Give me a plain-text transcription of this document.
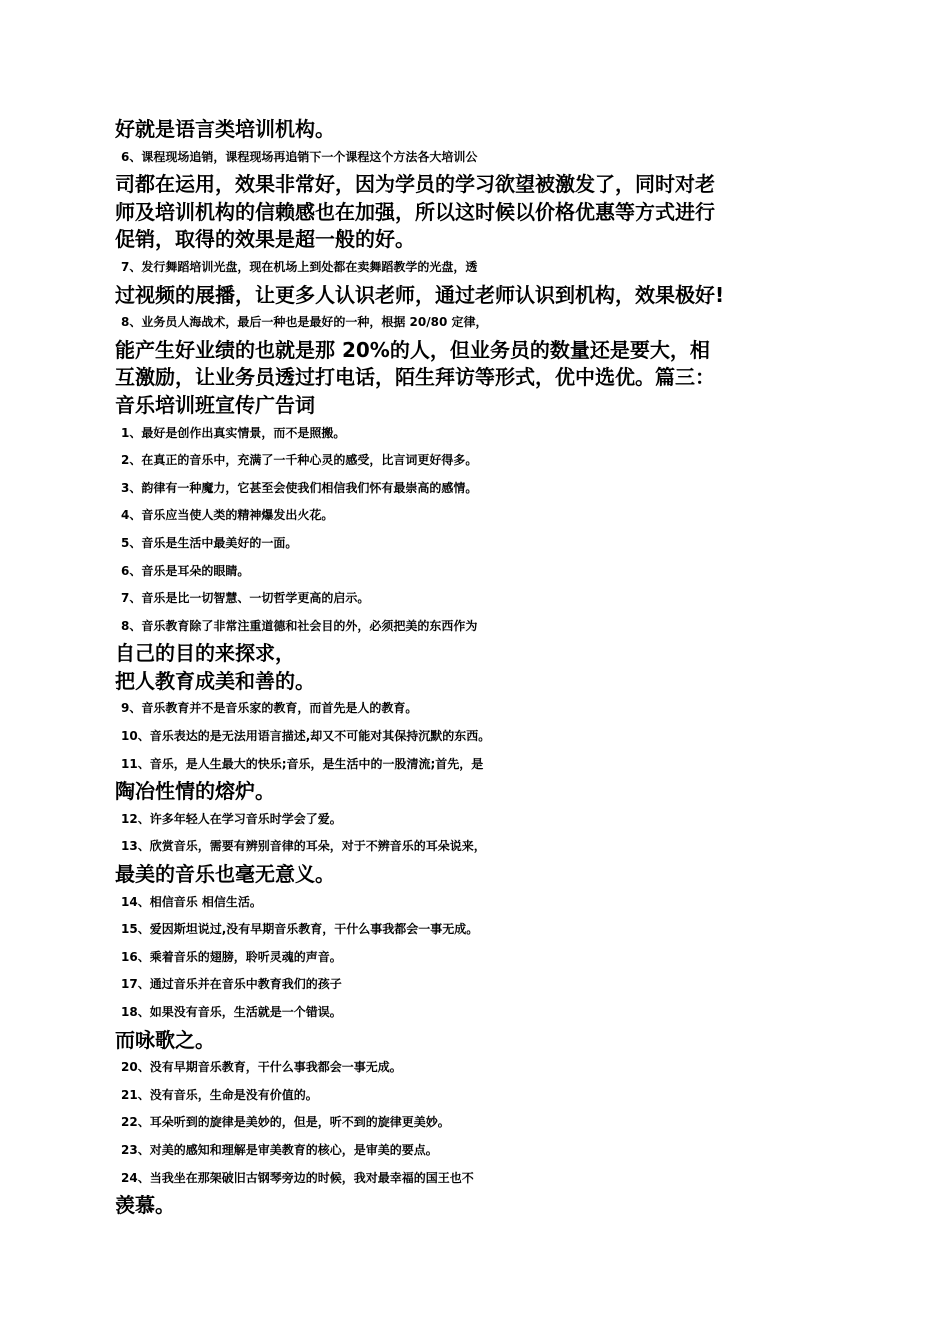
好就是语言类培训机构。
6、课程现场追销，课程现场再追销下一个课程这个方法各大培训公
司都在运用，效果非常好，因为学员的学习欲望被激发了，同时对老
师及培训机构的信赖感也在加强，所以这时候以价格优惠等方式进行
促销，取得的效果是超一般的好。
7、发行舞蹈培训光盘，现在机场上到处都在卖舞蹈教学的光盘，透
过视频的展播，让更多人认识老师，通过老师认识到机构，效果极好!
8、业务员人海战术，最后一种也是最好的一种，根据 20/80 定律，
能产生好业绩的也就是那 20%的人，但业务员的数量还是要大，相
互激励，让业务员透过打电话，陌生拜访等形式，优中选优。篇三：
音乐培训班宣传广告词
1、最好是创作出真实情景，而不是照搬。
2、在真正的音乐中，充满了一千种心灵的感受，比言词更好得多。
3、韵律有一种魔力，它甚至会使我们相信我们怀有最崇高的感情。
4、音乐应当使人类的精神爆发出火花。
5、音乐是生活中最美好的一面。
6、音乐是耳朵的眼睛。
7、音乐是比一切智慧、一切哲学更高的启示。
8、音乐教育除了非常注重道德和社会目的外，必须把美的东西作为
自己的目的来探求，
把人教育成美和善的。
9、音乐教育并不是音乐家的教育，而首先是人的教育。
10、音乐表达的是无法用语言描述,却又不可能对其保持沉默的东西。
11、音乐，是人生最大的快乐;音乐，是生活中的一股清流;首先，是
陶冶性情的熔炉。
12、许多年轻人在学习音乐时学会了爱。
13、欣赏音乐，需要有辨别音律的耳朵，对于不辨音乐的耳朵说来，
最美的音乐也毫无意义。
14、相信音乐 相信生活。
15、爱因斯坦说过,没有早期音乐教育，干什么事我都会一事无成。
16、乘着音乐的翅膀，聆听灵魂的声音。
17、通过音乐并在音乐中教育我们的孩子
18、如果没有音乐，生活就是一个错误。
而咏歌之。
20、没有早期音乐教育，干什么事我都会一事无成。
21、没有音乐，生命是没有价值的。
22、耳朵听到的旋律是美妙的，但是，听不到的旋律更美妙。
23、对美的感知和理解是审美教育的核心，是审美的要点。
24、当我坐在那架破旧古钢琴旁边的时候，我对最幸福的国王也不
羡慕。
